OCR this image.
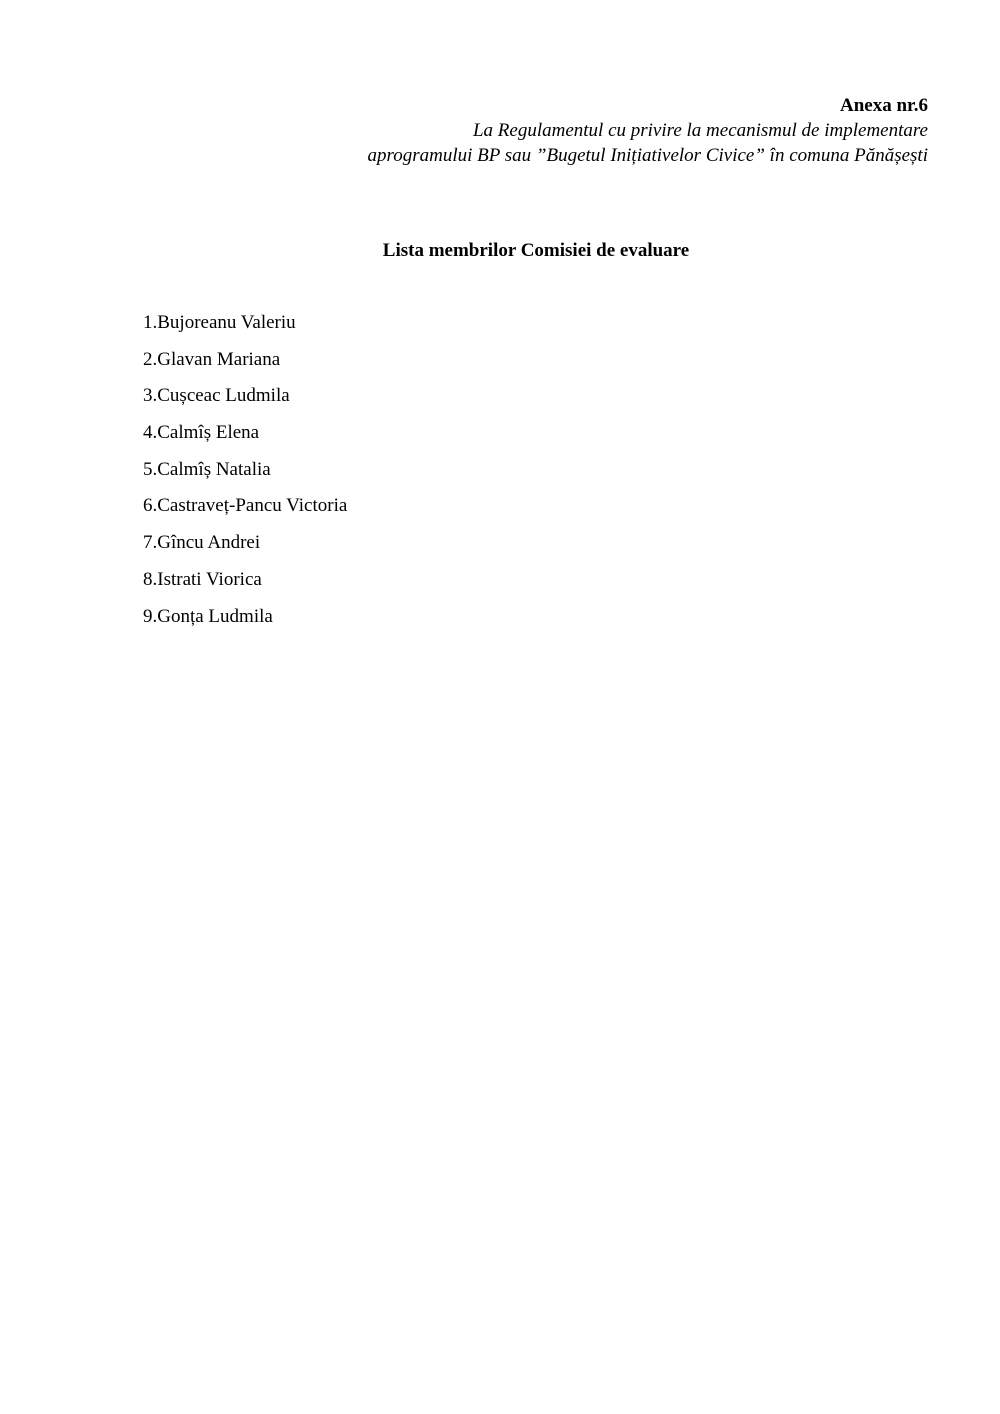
Anexa nr.6
La Regulamentul cu privire la mecanismul de implementare
aprogramului BP sau ”Bugetul Inițiativelor Civice” în comuna Pănășești
Lista membrilor Comisiei de evaluare
1.Bujoreanu Valeriu
2.Glavan Mariana
3.Cușceac Ludmila
4.Calmîș Elena
5.Calmîș Natalia
6.Castraveț-Pancu Victoria
7.Gîncu Andrei
8.Istrati Viorica
9.Gonța Ludmila
